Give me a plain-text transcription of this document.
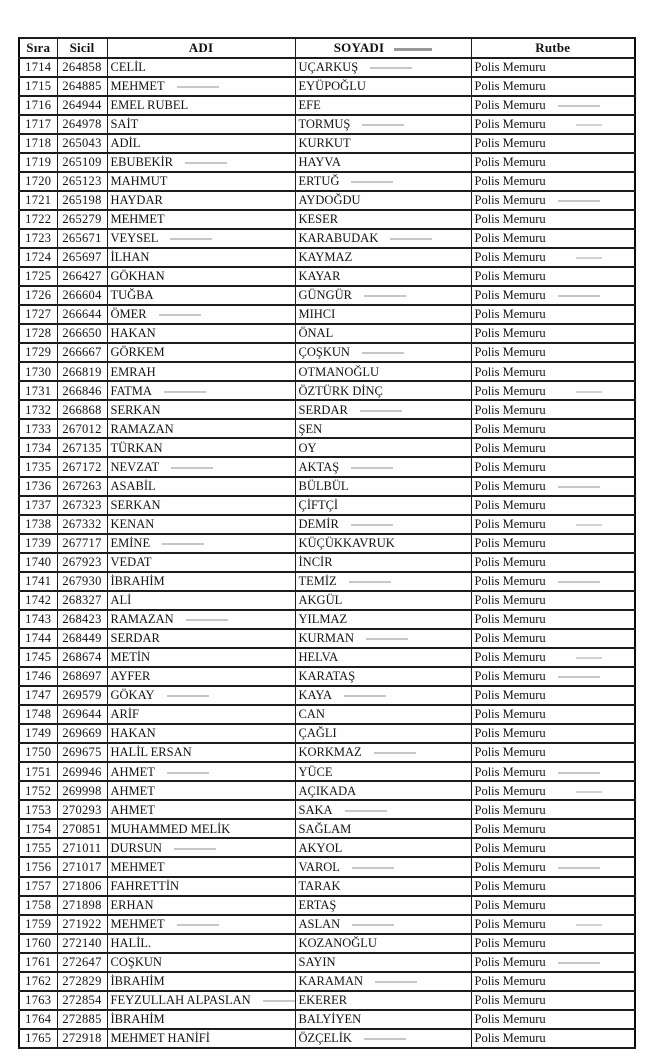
Sıra	Sicil	ADI	SOYADI	Rutbe
1714	264858	CELİL	UÇARKUŞ	Polis Memuru
1715	264885	MEHMET	EYÜPOĞLU	Polis Memuru
1716	264944	EMEL RUBEL	EFE	Polis Memuru
1717	264978	SAİT	TORMUŞ	Polis Memuru
1718	265043	ADİL	KURKUT	Polis Memuru
1719	265109	EBUBEKİR	HAYVA	Polis Memuru
1720	265123	MAHMUT	ERTUĞ	Polis Memuru
1721	265198	HAYDAR	AYDOĞDU	Polis Memuru
1722	265279	MEHMET	KESER	Polis Memuru
1723	265671	VEYSEL	KARABUDAK	Polis Memuru
1724	265697	İLHAN	KAYMAZ	Polis Memuru
1725	266427	GÖKHAN	KAYAR	Polis Memuru
1726	266604	TUĞBA	GÜNGÜR	Polis Memuru
1727	266644	ÖMER	MIHCI	Polis Memuru
1728	266650	HAKAN	ÖNAL	Polis Memuru
1729	266667	GÖRKEM	ÇOŞKUN	Polis Memuru
1730	266819	EMRAH	OTMANOĞLU	Polis Memuru
1731	266846	FATMA	ÖZTÜRK DİNÇ	Polis Memuru
1732	266868	SERKAN	SERDAR	Polis Memuru
1733	267012	RAMAZAN	ŞEN	Polis Memuru
1734	267135	TÜRKAN	OY	Polis Memuru
1735	267172	NEVZAT	AKTAŞ	Polis Memuru
1736	267263	ASABİL	BÜLBÜL	Polis Memuru
1737	267323	SERKAN	ÇİFTÇİ	Polis Memuru
1738	267332	KENAN	DEMİR	Polis Memuru
1739	267717	EMİNE	KÜÇÜKKAVRUK	Polis Memuru
1740	267923	VEDAT	İNCİR	Polis Memuru
1741	267930	İBRAHİM	TEMİZ	Polis Memuru
1742	268327	ALİ	AKGÜL	Polis Memuru
1743	268423	RAMAZAN	YILMAZ	Polis Memuru
1744	268449	SERDAR	KURMAN	Polis Memuru
1745	268674	METİN	HELVA	Polis Memuru
1746	268697	AYFER	KARATAŞ	Polis Memuru
1747	269579	GÖKAY	KAYA	Polis Memuru
1748	269644	ARİF	CAN	Polis Memuru
1749	269669	HAKAN	ÇAĞLI	Polis Memuru
1750	269675	HALİL ERSAN	KORKMAZ	Polis Memuru
1751	269946	AHMET	YÜCE	Polis Memuru
1752	269998	AHMET	AÇIKADA	Polis Memuru
1753	270293	AHMET	SAKA	Polis Memuru
1754	270851	MUHAMMED MELİK	SAĞLAM	Polis Memuru
1755	271011	DURSUN	AKYOL	Polis Memuru
1756	271017	MEHMET	VAROL	Polis Memuru
1757	271806	FAHRETTİN	TARAK	Polis Memuru
1758	271898	ERHAN	ERTAŞ	Polis Memuru
1759	271922	MEHMET	ASLAN	Polis Memuru
1760	272140	HALİL.	KOZANOĞLU	Polis Memuru
1761	272647	COŞKUN	SAYIN	Polis Memuru
1762	272829	İBRAHİM	KARAMAN	Polis Memuru
1763	272854	FEYZULLAH ALPASLAN	EKERER	Polis Memuru
1764	272885	İBRAHİM	BALYİYEN	Polis Memuru
1765	272918	MEHMET HANİFİ	ÖZÇELİK	Polis Memuru
